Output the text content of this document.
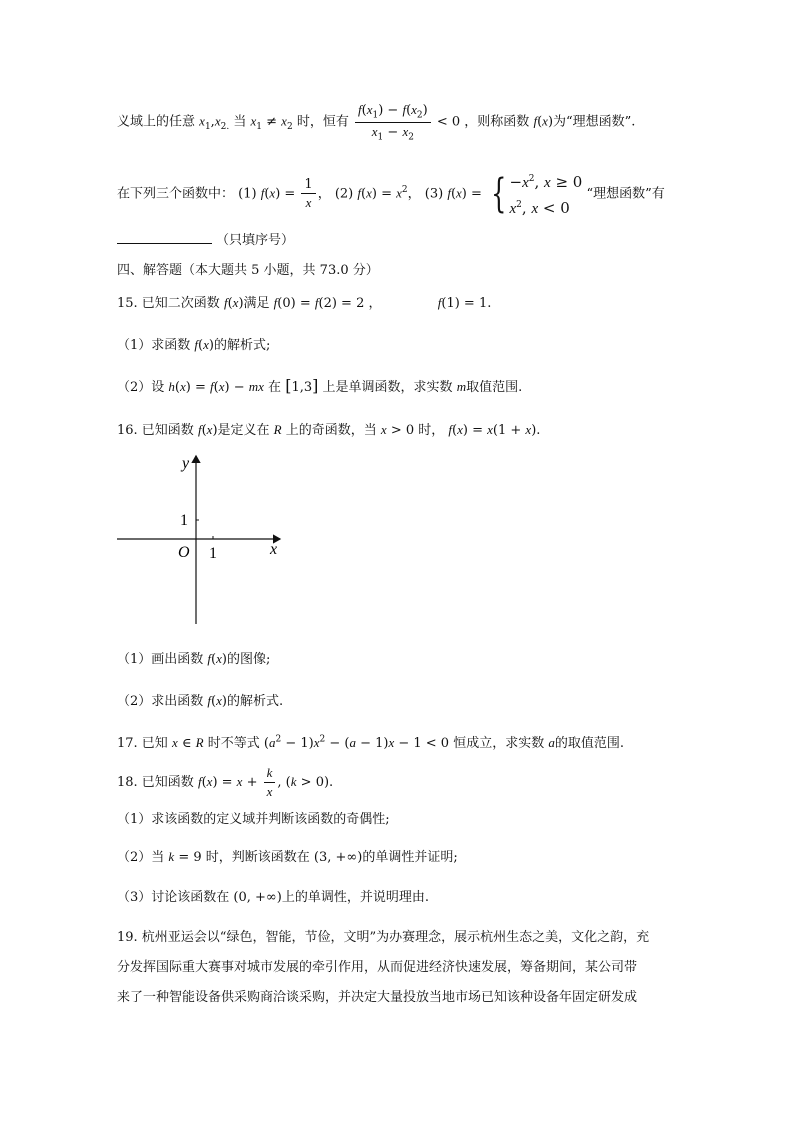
义域上的任意 $x_1,x_{2.}$ 当 $x_1 \ne x_2$ 时，恒有 $\frac{f(x_1) - f(x_2)}{x_1 - x_2} < 0$ ，则称函数 f(x)为“理想函数”.
在下列三个函数中： (1) $f(x) = \frac{1}{x}$ ， (2) $f(x) = x^2$， (3) $f(x) = \{-x^2$, x ≥ 0
$x^2$, x < 0 “理想函数”有
（只填序号）
四、解答题（本大题共 5 小题，共 73.0 分）
15. 已知二次函数 f(x)满足 f(0) = f(2) = 2 ，	f(1) = 1.
（1）求函数 f(x)的解析式;
（2）设 h(x) = f(x) − mx 在 [1,3] 上是单调函数，求实数 m取值范围.
16. 已知函数 f(x)是定义在 R 上的奇函数，当 x > 0 时， f(x) = x(1 + x).
y
x
O 1
1
（1）画出函数 f(x)的图像;
（2）求出函数 f(x)的解析式.
17. 已知 x ∈ R 时不等式 $(a^2 - 1)x^2 - (a - 1)x - 1 < 0$ 恒成立，求实数 a的取值范围.
18. 已知函数 $f(x) = x + \frac{k}{x}$ , (k > 0).
（1）求该函数的定义域并判断该函数的奇偶性;
（2）当 k = 9 时，判断该函数在 (3, +∞)的单调性并证明;
（3）讨论该函数在 (0, +∞)上的单调性，并说明理由.
19. 杭州亚运会以“绿色，智能，节俭，文明”为办赛理念，展示杭州生态之美，文化之韵，充
分发挥国际重大赛事对城市发展的牵引作用，从而促进经济快速发展，筹备期间，某公司带
来了一种智能设备供采购商洽谈采购，并决定大量投放当地市场已知该种设备年固定研发成
